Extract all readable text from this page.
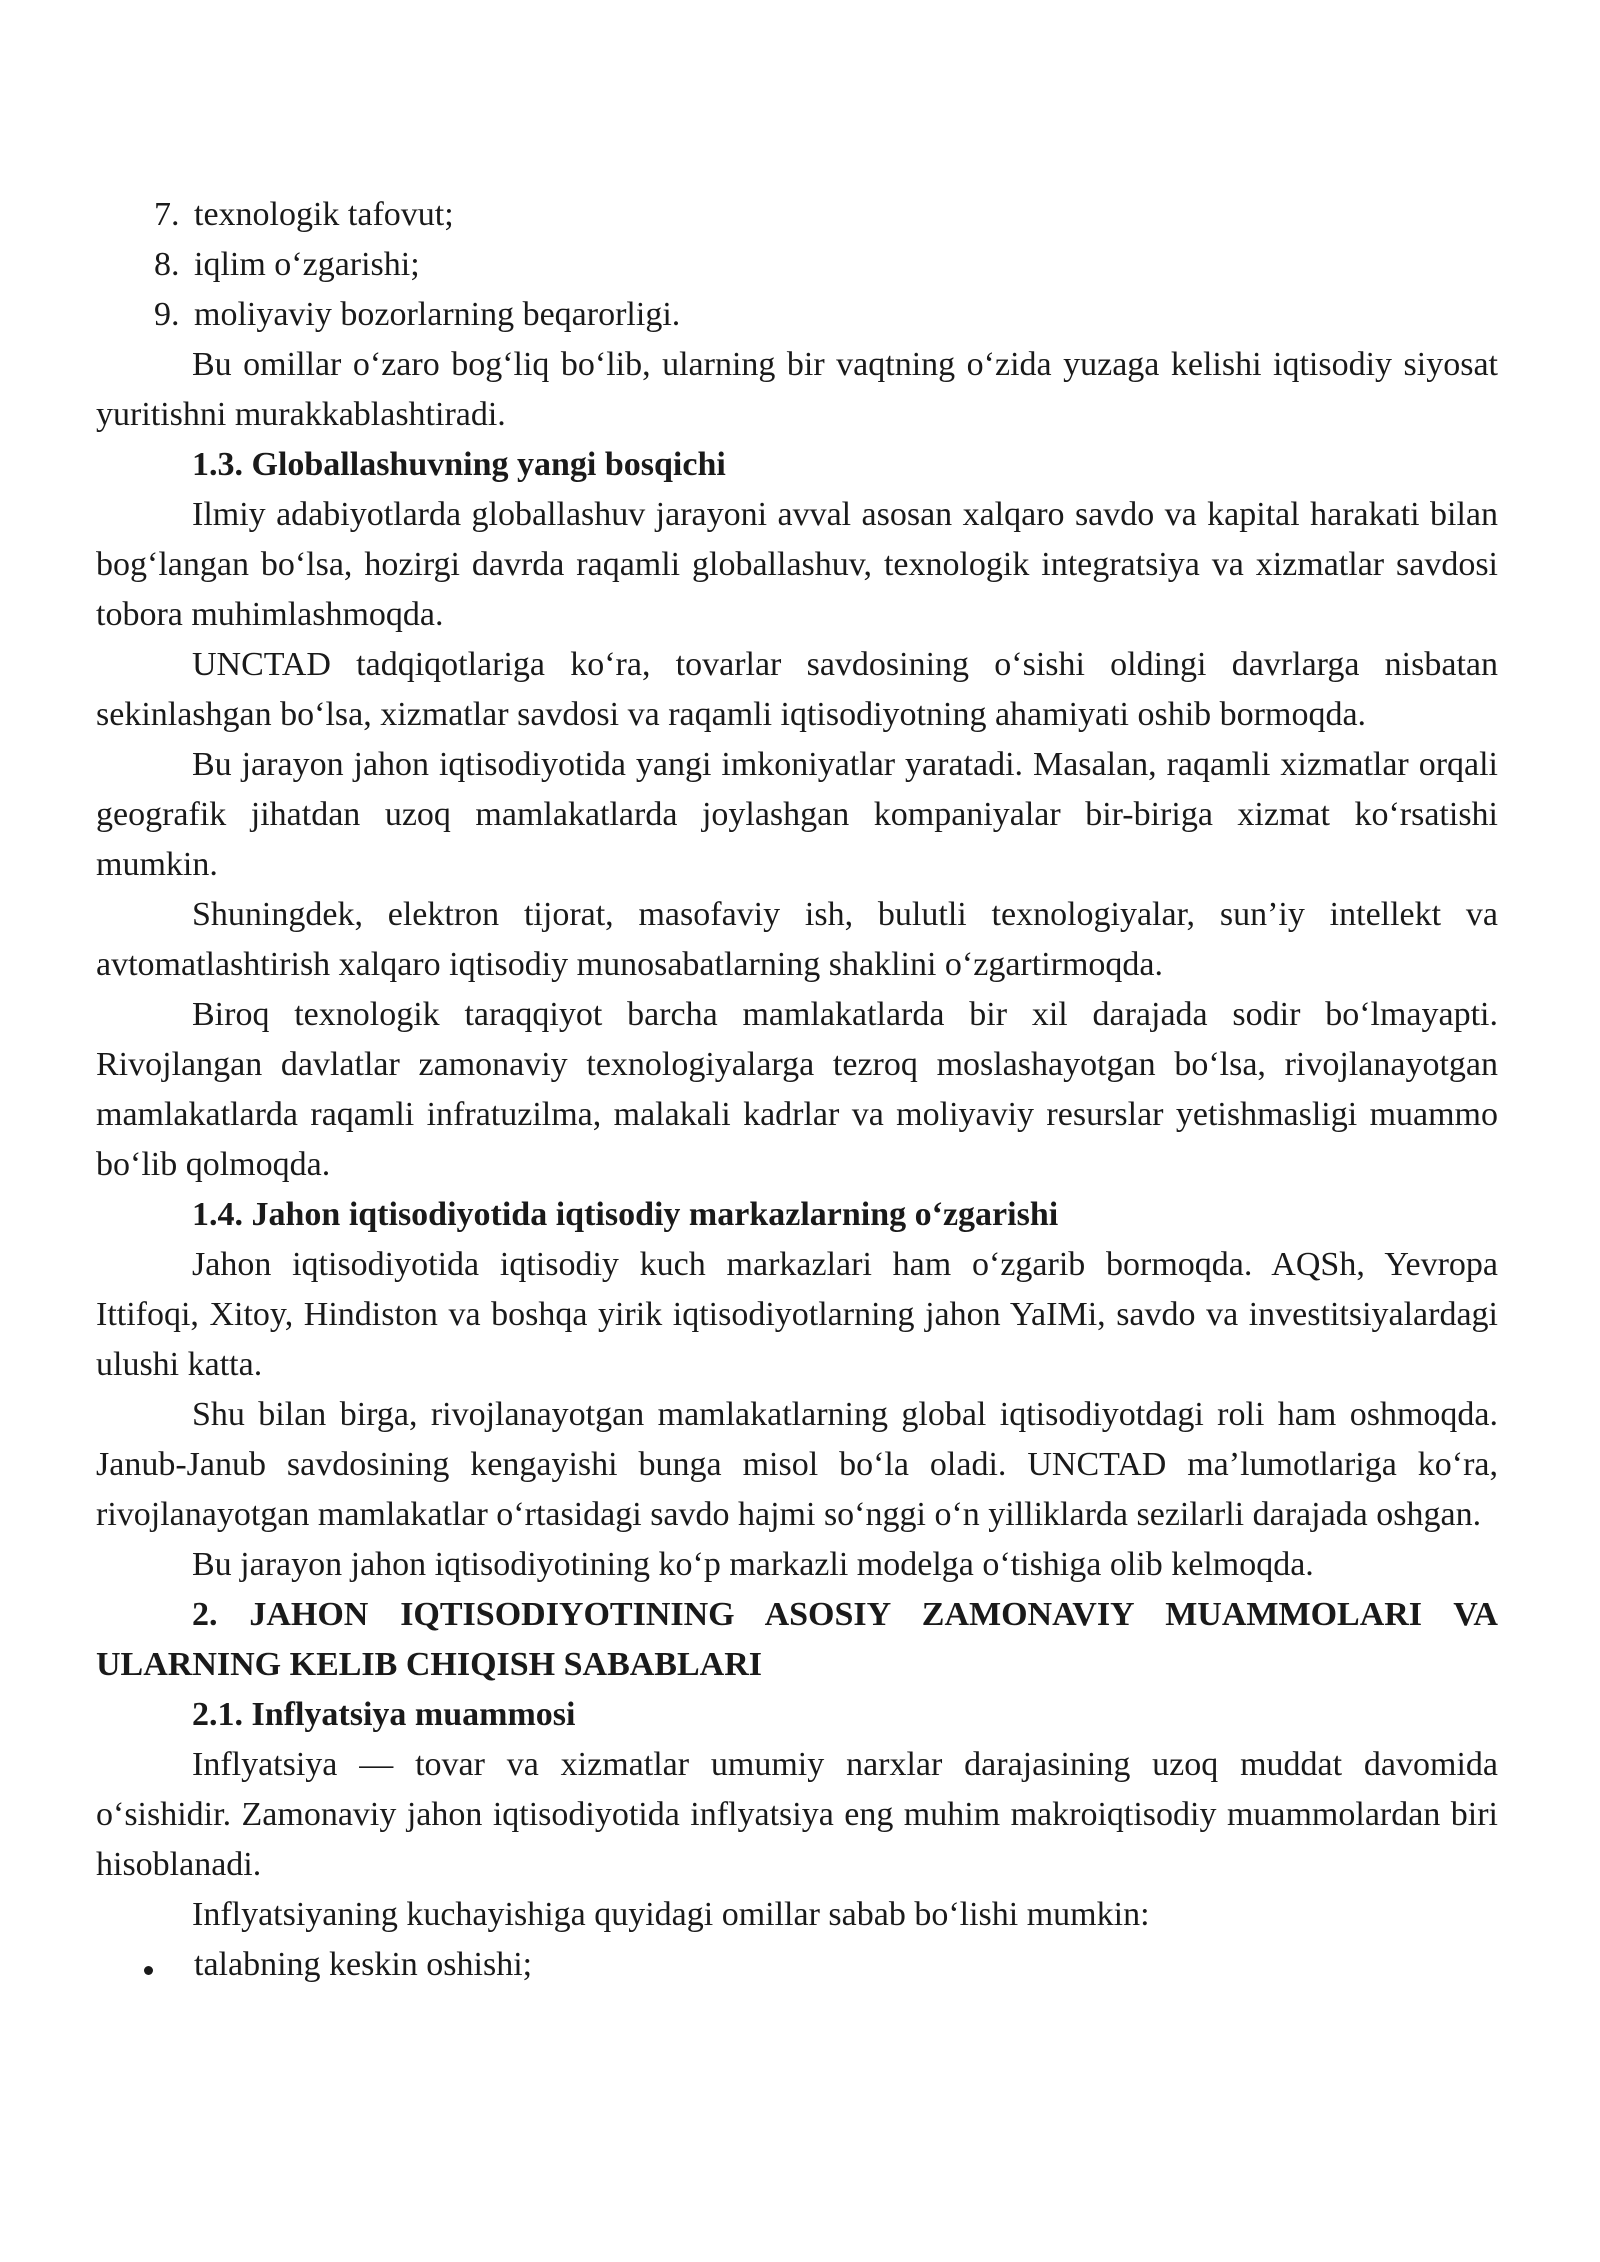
7. texnologik tafovut;
8. iqlim o‘zgarishi;
9. moliyaviy bozorlarning beqarorligi.

Bu omillar o‘zaro bog‘liq bo‘lib, ularning bir vaqtning o‘zida yuzaga kelishi iqtisodiy siyosat yuritishni murakkablashtiradi.

1.3. Globallashuvning yangi bosqichi

Ilmiy adabiyotlarda globallashuv jarayoni avval asosan xalqaro savdo va kapital harakati bilan bog‘langan bo‘lsa, hozirgi davrda raqamli globallashuv, texnologik integratsiya va xizmatlar savdosi tobora muhimlashmoqda.

UNCTAD tadqiqotlariga ko‘ra, tovarlar savdosining o‘sishi oldingi davrlarga nisbatan sekinlashgan bo‘lsa, xizmatlar savdosi va raqamli iqtisodiyotning ahamiyati oshib bormoqda.

Bu jarayon jahon iqtisodiyotida yangi imkoniyatlar yaratadi. Masalan, raqamli xizmatlar orqali geografik jihatdan uzoq mamlakatlarda joylashgan kompaniyalar bir-biriga xizmat ko‘rsatishi mumkin.

Shuningdek, elektron tijorat, masofaviy ish, bulutli texnologiyalar, sun’iy intellekt va avtomatlashtirish xalqaro iqtisodiy munosabatlarning shaklini o‘zgartirmoqda.

Biroq texnologik taraqqiyot barcha mamlakatlarda bir xil darajada sodir bo‘lmayapti. Rivojlangan davlatlar zamonaviy texnologiyalarga tezroq moslashayotgan bo‘lsa, rivojlanayotgan mamlakatlarda raqamli infratuzilma, malakali kadrlar va moliyaviy resurslar yetishmasligi muammo bo‘lib qolmoqda.

1.4. Jahon iqtisodiyotida iqtisodiy markazlarning o‘zgarishi

Jahon iqtisodiyotida iqtisodiy kuch markazlari ham o‘zgarib bormoqda. AQSh, Yevropa Ittifoqi, Xitoy, Hindiston va boshqa yirik iqtisodiyotlarning jahon YaIMi, savdo va investitsiyalardagi ulushi katta.

Shu bilan birga, rivojlanayotgan mamlakatlarning global iqtisodiyotdagi roli ham oshmoqda. Janub-Janub savdosining kengayishi bunga misol bo‘la oladi. UNCTAD ma’lumotlariga ko‘ra, rivojlanayotgan mamlakatlar o‘rtasidagi savdo hajmi so‘nggi o‘n yilliklarda sezilarli darajada oshgan.

Bu jarayon jahon iqtisodiyotining ko‘p markazli modelga o‘tishiga olib kelmoqda.

2. JAHON IQTISODIYOTINING ASOSIY ZAMONAVIY MUAMMOLARI VA ULARNING KELIB CHIQISH SABABLARI
2.1. Inflyatsiya muammosi

Inflyatsiya — tovar va xizmatlar umumiy narxlar darajasining uzoq muddat davomida o‘sishidir. Zamonaviy jahon iqtisodiyotida inflyatsiya eng muhim makroiqtisodiy muammolardan biri hisoblanadi.

Inflyatsiyaning kuchayishiga quyidagi omillar sabab bo‘lishi mumkin:

talabning keskin oshishi;
